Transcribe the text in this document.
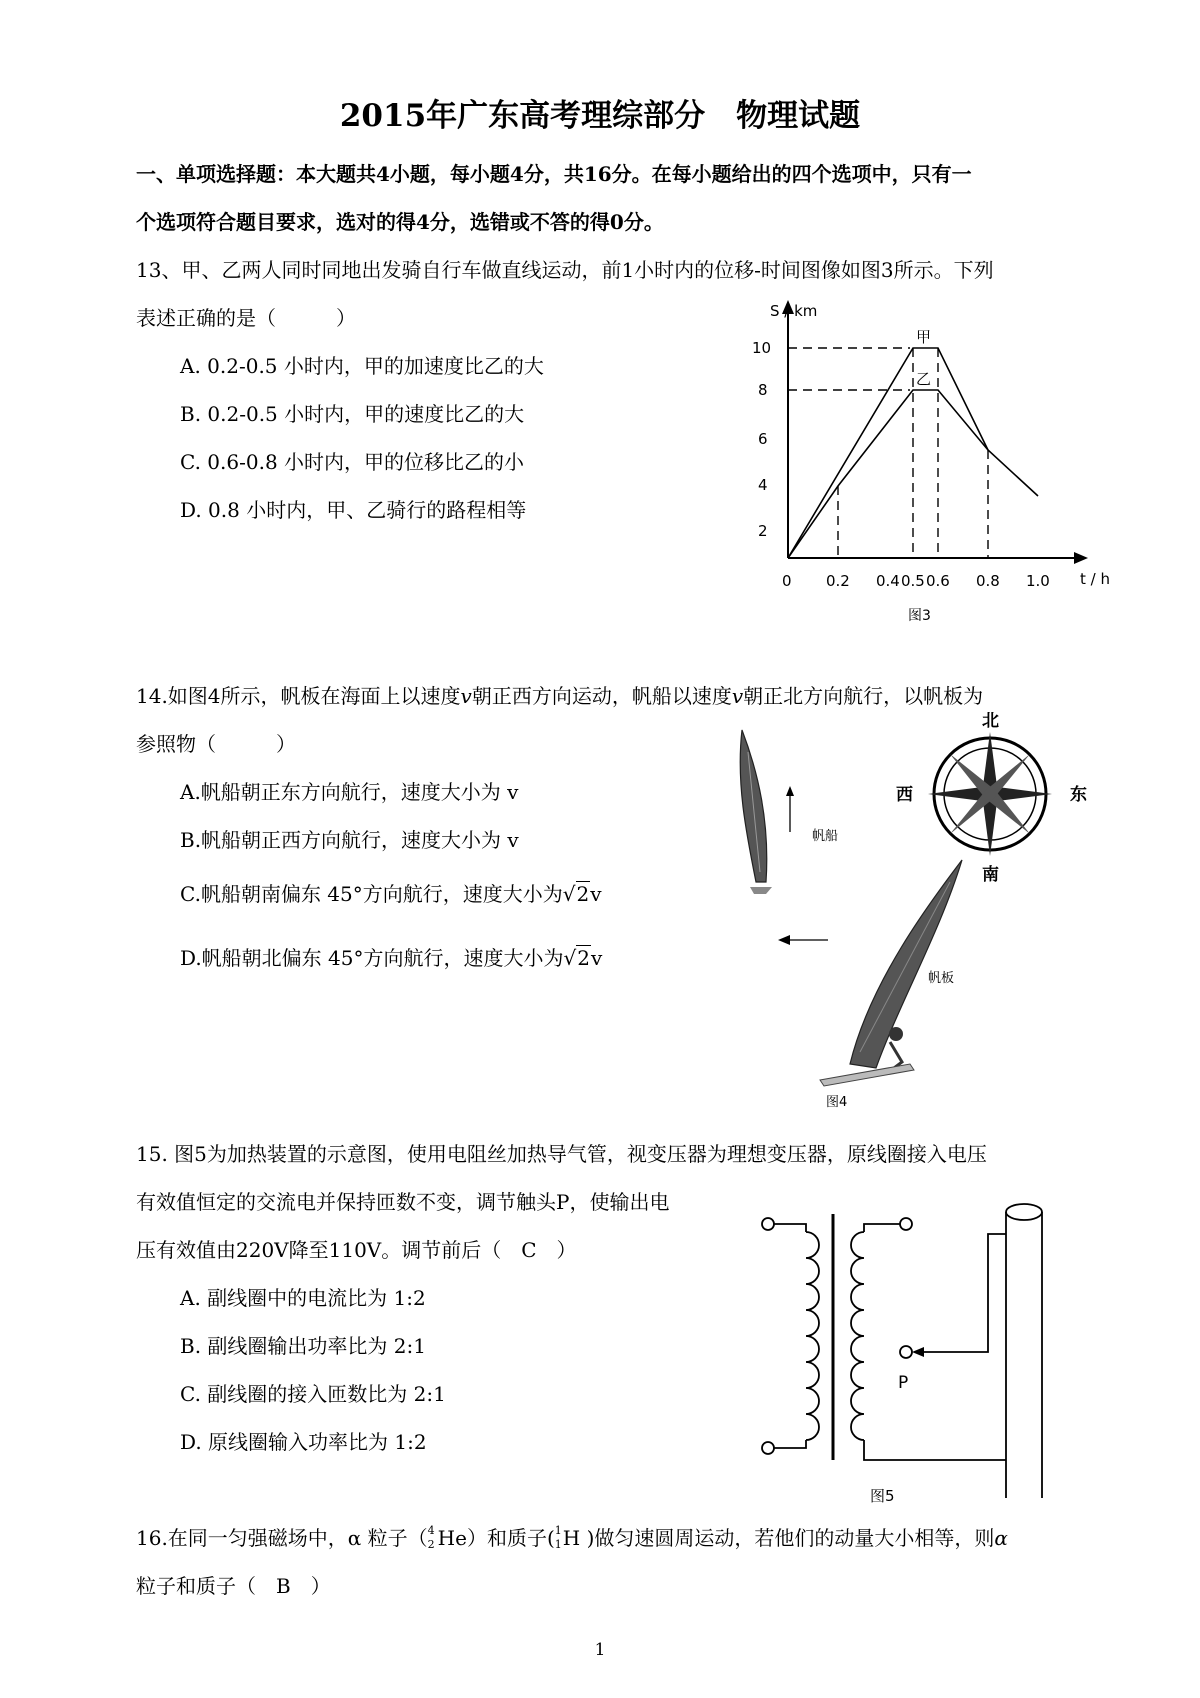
2015年广东高考理综部分　物理试题
一、单项选择题：本大题共4小题，每小题4分，共16分。在每小题给出的四个选项中，只有一
个选项符合题目要求，选对的得4分，选错或不答的得0分。
13、甲、乙两人同时同地出发骑自行车做直线运动，前1小时内的位移-时间图像如图3所示。下列
表述正确的是（　　　）
A. 0.2-0.5 小时内，甲的加速度比乙的大
B. 0.2-0.5 小时内，甲的速度比乙的大
C. 0.6-0.8 小时内，甲的位移比乙的小
D. 0.8 小时内，甲、乙骑行的路程相等
S / km
t / h
10
8
6
4
2
0 0.2 0.4 0.5 0.6 0.8 1.0
甲
乙
图3
14.如图4所示，帆板在海面上以速度v朝正西方向运动，帆船以速度v朝正北方向航行，以帆板为
参照物（　　　）
A.帆船朝正东方向航行，速度大小为 v
B.帆船朝正西方向航行，速度大小为 v
C.帆船朝南偏东 45°方向航行，速度大小为√2v
D.帆船朝北偏东 45°方向航行，速度大小为√2v
帆船
北
南
西	东
帆板
图4
15. 图5为加热装置的示意图，使用电阻丝加热导气管，视变压器为理想变压器，原线圈接入电压
有效值恒定的交流电并保持匝数不变，调节触头P，使输出电
压有效值由220V降至110V。调节前后（　C　）
A. 副线圈中的电流比为 1:2
B. 副线圈输出功率比为 2:1
C. 副线圈的接入匝数比为 2:1
D. 原线圈输入功率比为 1:2
P
图5
16.在同一匀强磁场中，α 粒子（ 4
2 He）和质子( 1
1 H )做匀速圆周运动，若他们的动量大小相等，则α
粒子和质子（　B　）
1
